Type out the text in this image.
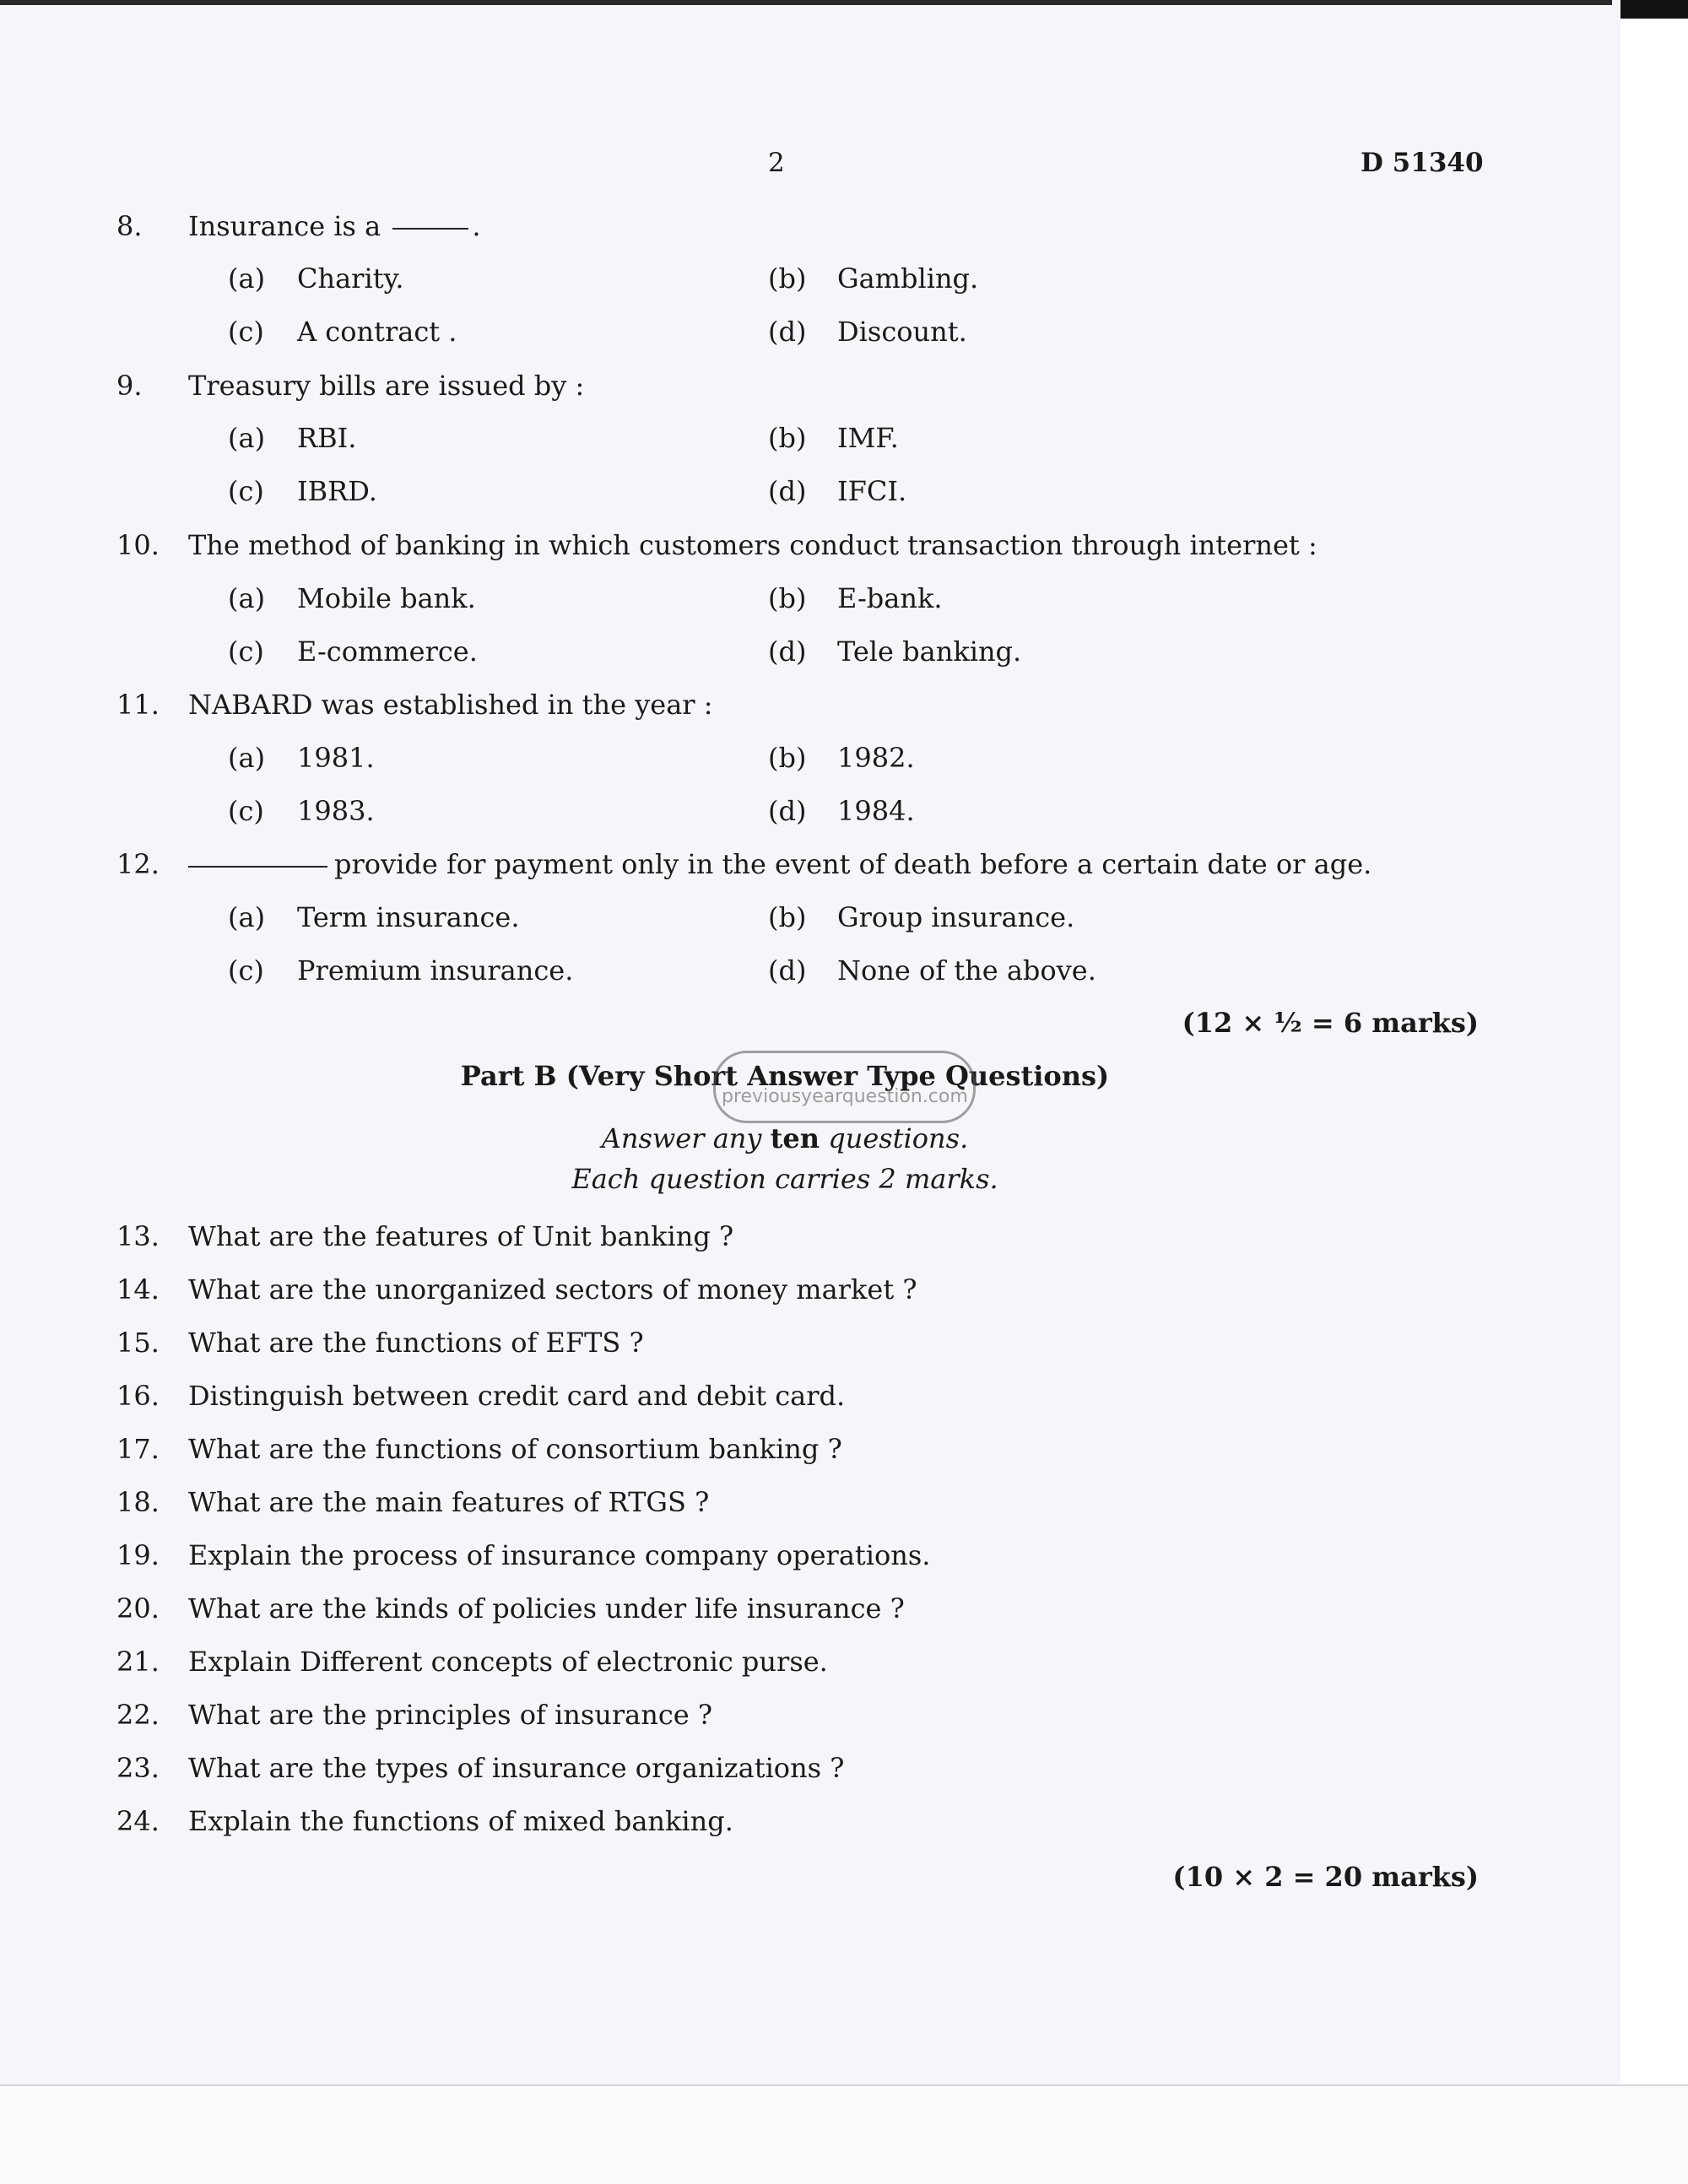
2	D 51340
8. Insurance is a	.
(a) Charity.	(b) Gambling.
(c) A contract .	(d) Discount.
9. Treasury bills are issued by :
(a) RBI.	(b) IMF.
(c) IBRD.	(d) IFCI.
10. The method of banking in which customers conduct transaction through internet :
(a) Mobile bank.	(b) E-bank.
(c) E-commerce.	(d) Tele banking.
11. NABARD was established in the year :
(a) 1981.	(b) 1982.
(c) 1983.	(d) 1984.
12.	provide for payment only in the event of death before a certain date or age.
(a) Term insurance.	(b) Group insurance.
(c) Premium insurance.	(d) None of the above.
(12 × ½ = 6 marks)
Part B (Very Short Answer Type Questions)
previousyearquestion.com
Answer any ten questions.
Each question carries 2 marks.
13. What are the features of Unit banking ?
14. What are the unorganized sectors of money market ?
15. What are the functions of EFTS ?
16. Distinguish between credit card and debit card.
17. What are the functions of consortium banking ?
18. What are the main features of RTGS ?
19. Explain the process of insurance company operations.
20. What are the kinds of policies under life insurance ?
21. Explain Different concepts of electronic purse.
22. What are the principles of insurance ?
23. What are the types of insurance organizations ?
24. Explain the functions of mixed banking.
(10 × 2 = 20 marks)
